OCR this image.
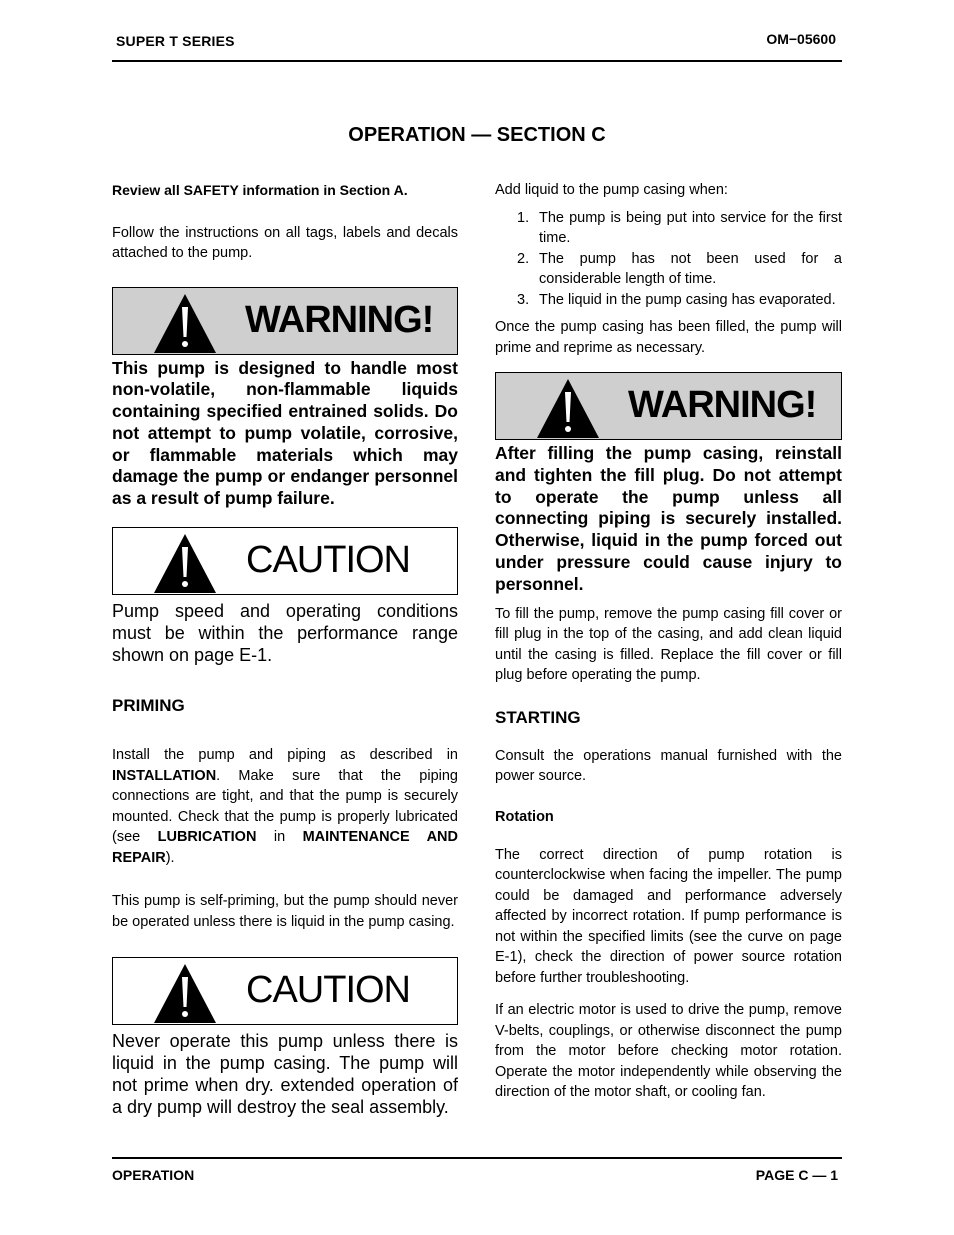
SUPER T SERIES	OM−05600
OPERATION — SECTION C

Review all SAFETY information in Section A.

Follow the instructions on all tags, labels and decals attached to the pump.

WARNING!

This pump is designed to handle most non-volatile, non-flammable liquids containing specified entrained solids. Do not attempt to pump volatile, corrosive, or flammable materials which may damage the pump or endanger personnel as a result of pump failure.

CAUTION

Pump speed and operating conditions must be within the performance range shown on page E-1.

PRIMING

Install the pump and piping as described in INSTALLATION. Make sure that the piping connections are tight, and that the pump is securely mounted. Check that the pump is properly lubricated (see LUBRICATION in MAINTENANCE AND REPAIR).

This pump is self-priming, but the pump should never be operated unless there is liquid in the pump casing.

CAUTION

Never operate this pump unless there is liquid in the pump casing. The pump will not prime when dry. extended operation of a dry pump will destroy the seal assembly.

Add liquid to the pump casing when:

1. The pump is being put into service for the first time.
2. The pump has not been used for a considerable length of time.
3. The liquid in the pump casing has evaporated.

Once the pump casing has been filled, the pump will prime and reprime as necessary.

WARNING!

After filling the pump casing, reinstall and tighten the fill plug. Do not attempt to operate the pump unless all connecting piping is securely installed. Otherwise, liquid in the pump forced out under pressure could cause injury to personnel.

To fill the pump, remove the pump casing fill cover or fill plug in the top of the casing, and add clean liquid until the casing is filled. Replace the fill cover or fill plug before operating the pump.

STARTING

Consult the operations manual furnished with the power source.

Rotation

The correct direction of pump rotation is counterclockwise when facing the impeller. The pump could be damaged and performance adversely affected by incorrect rotation. If pump performance is not within the specified limits (see the curve on page E-1), check the direction of power source rotation before further troubleshooting.

If an electric motor is used to drive the pump, remove V-belts, couplings, or otherwise disconnect the pump from the motor before checking motor rotation. Operate the motor independently while observing the direction of the motor shaft, or cooling fan.

OPERATION	PAGE C — 1
